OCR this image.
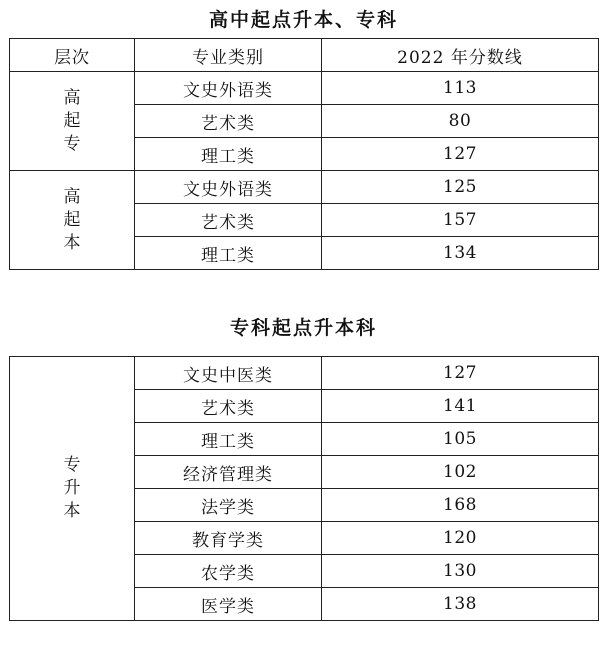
高中起点升本、专科
层次	专业类别	2022 年分数线
高起专	文史外语类	113
	艺术类	80
	理工类	127
高起本	文史外语类	125
	艺术类	157
	理工类	134
专科起点升本科
专升本	文史中医类	127
	艺术类	141
	理工类	105
	经济管理类	102
	法学类	168
	教育学类	120
	农学类	130
	医学类	138
